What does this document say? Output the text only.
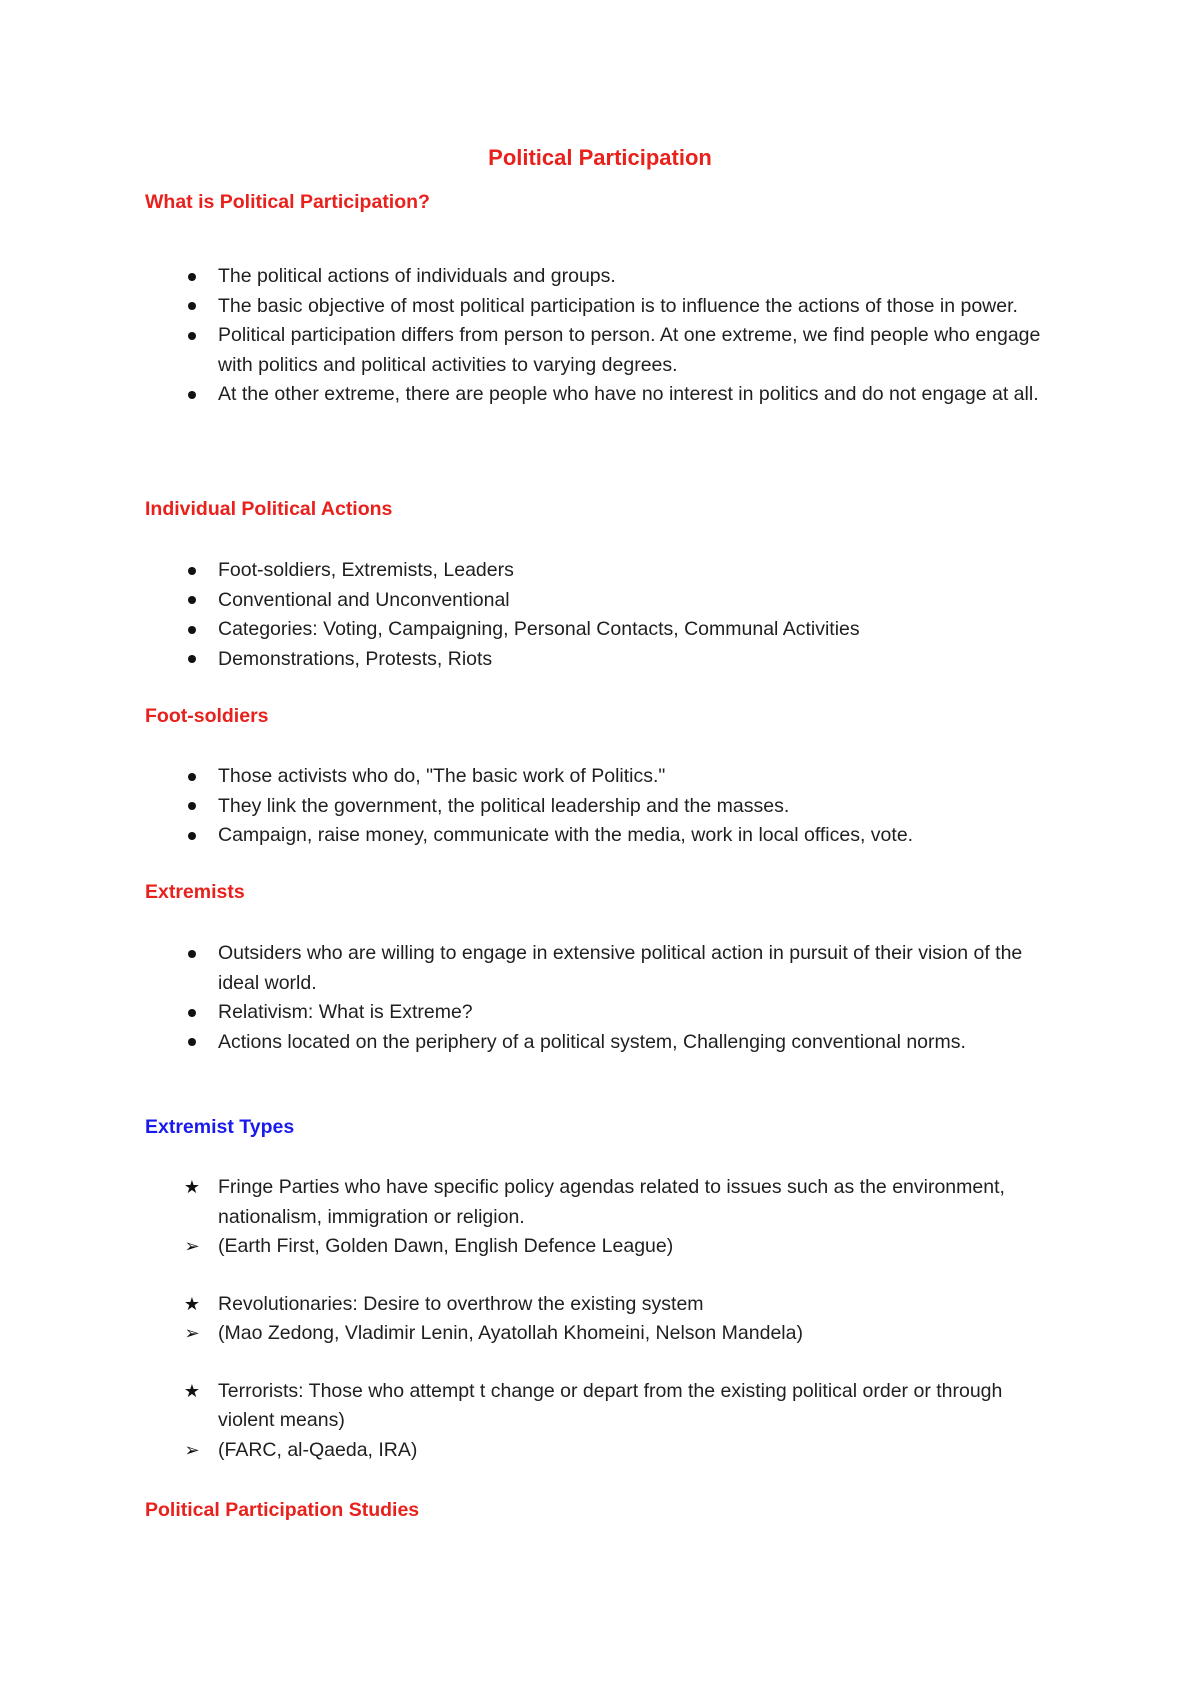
Political Participation
What is Political Participation?
The political actions of individuals and groups.
The basic objective of most political participation is to influence the actions of those in power.
Political participation differs from person to person. At one extreme, we find people who engage with politics and political activities to varying degrees.
At the other extreme, there are people who have no interest in politics and do not engage at all.
Individual Political Actions
Foot-soldiers, Extremists, Leaders
Conventional and Unconventional
Categories: Voting, Campaigning, Personal Contacts, Communal Activities
Demonstrations, Protests, Riots
Foot-soldiers
Those activists who do, "The basic work of Politics."
They link the government, the political leadership and the masses.
Campaign, raise money, communicate with the media, work in local offices, vote.
Extremists
Outsiders who are willing to engage in extensive political action in pursuit of their vision of the ideal world.
Relativism: What is Extreme?
Actions located on the periphery of a political system, Challenging conventional norms.
Extremist Types
★ Fringe Parties who have specific policy agendas related to issues such as the environment, nationalism, immigration or religion.
➢ (Earth First, Golden Dawn, English Defence League)
★ Revolutionaries: Desire to overthrow the existing system
➢ (Mao Zedong, Vladimir Lenin, Ayatollah Khomeini, Nelson Mandela)
★ Terrorists: Those who attempt t change or depart from the existing political order or through violent means)
➢ (FARC, al-Qaeda, IRA)
Political Participation Studies
